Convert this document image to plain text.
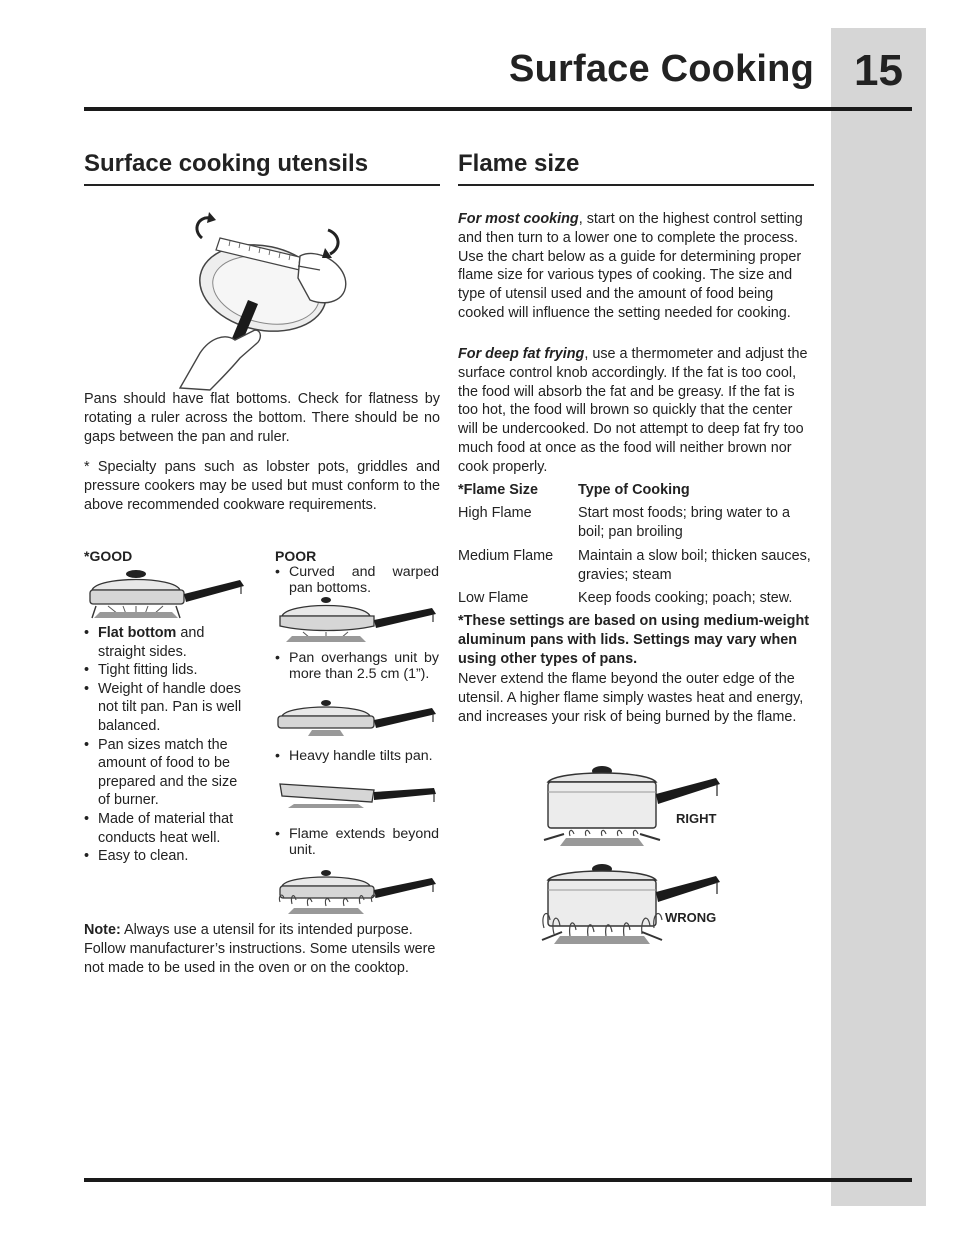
15
Surface Cooking
Surface cooking utensils

Pans should have flat bottoms. Check for flatness by rotating a ruler across the bottom. There should be no gaps between the pan and ruler.

* Specialty pans such as lobster pots, griddles and pressure cookers may be used but must conform to the above recommended cookware requirements.

*GOOD
• Flat bottom and straight sides.
• Tight fitting lids.
• Weight of handle does not tilt pan. Pan is well balanced.
• Pan sizes match the amount of food to be prepared and the size of burner.
• Made of material that conducts heat well.
• Easy to clean.
POOR
• Curved and warped pan bottoms.
• Pan overhangs unit by more than 2.5 cm (1”).
• Heavy handle tilts pan.
• Flame extends beyond unit.

Note: Always use a utensil for its intended purpose. Follow manufacturer’s instructions. Some utensils were not made to be used in the oven or on the cooktop.

Flame size

For most cooking, start on the highest control setting and then turn to a lower one to complete the process. Use the chart below as a guide for determining proper flame size for various types of cooking. The size and type of utensil used and the amount of food being cooked will influence the setting needed for cooking.

For deep fat frying, use a thermometer and adjust the surface control knob accordingly. If the fat is too cool, the food will absorb the fat and be greasy. If the fat is too hot, the food will brown so quickly that the center will be undercooked. Do not attempt to deep fat fry too much food at once as the food will neither brown nor cook properly.

*Flame Size	Type of Cooking
High Flame	Start most foods; bring water to a boil; pan broiling
Medium Flame	Maintain a slow boil; thicken sauces, gravies; steam
Low Flame	Keep foods cooking; poach; stew.

*These settings are based on using medium-weight aluminum pans with lids. Settings may vary when using other types of pans.

Never extend the flame beyond the outer edge of the utensil. A higher flame simply wastes heat and energy, and increases your risk of being burned by the flame.

RIGHT
WRONG
